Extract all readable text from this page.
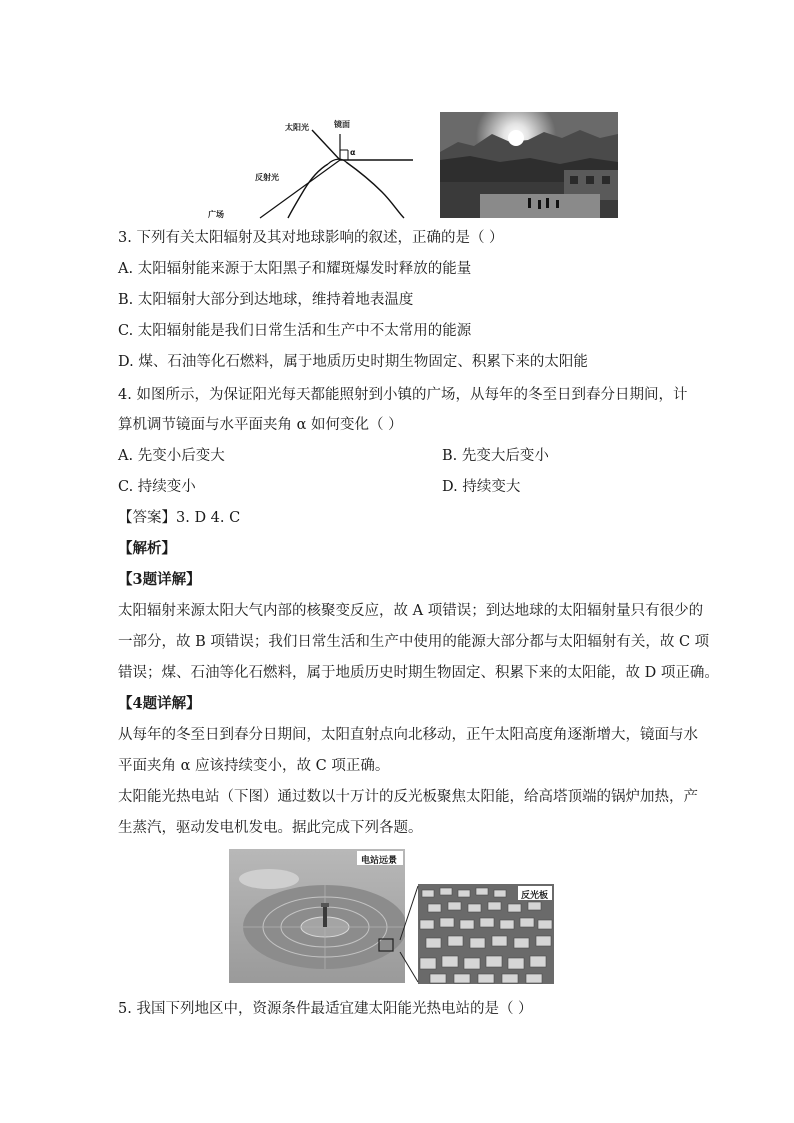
太阳光	镜面
α
反射光
广场
3. 下列有关太阳辐射及其对地球影响的叙述，正确的是（ ）
A. 太阳辐射能来源于太阳黑子和耀斑爆发时释放的能量
B. 太阳辐射大部分到达地球，维持着地表温度
C. 太阳辐射能是我们日常生活和生产中不太常用的能源
D. 煤、石油等化石燃料，属于地质历史时期生物固定、积累下来的太阳能
4. 如图所示，为保证阳光每天都能照射到小镇的广场，从每年的冬至日到春分日期间，计
算机调节镜面与水平面夹角 α 如何变化（ ）
A. 先变小后变大	B. 先变大后变小
C. 持续变小	D. 持续变大
【答案】3. D 4. C
【解析】
【3题详解】
太阳辐射来源太阳大气内部的核聚变反应，故 A 项错误；到达地球的太阳辐射量只有很少的
一部分，故 B 项错误；我们日常生活和生产中使用的能源大部分都与太阳辐射有关，故 C 项
错误；煤、石油等化石燃料，属于地质历史时期生物固定、积累下来的太阳能，故 D 项正确。
【4题详解】
从每年的冬至日到春分日期间，太阳直射点向北移动，正午太阳高度角逐渐增大，镜面与水
平面夹角 α 应该持续变小，故 C 项正确。
太阳能光热电站（下图）通过数以十万计的反光板聚焦太阳能，给高塔顶端的锅炉加热，产
生蒸汽，驱动发电机发电。据此完成下列各题。
电站远景
反光板
5. 我国下列地区中，资源条件最适宜建太阳能光热电站的是（ ）
